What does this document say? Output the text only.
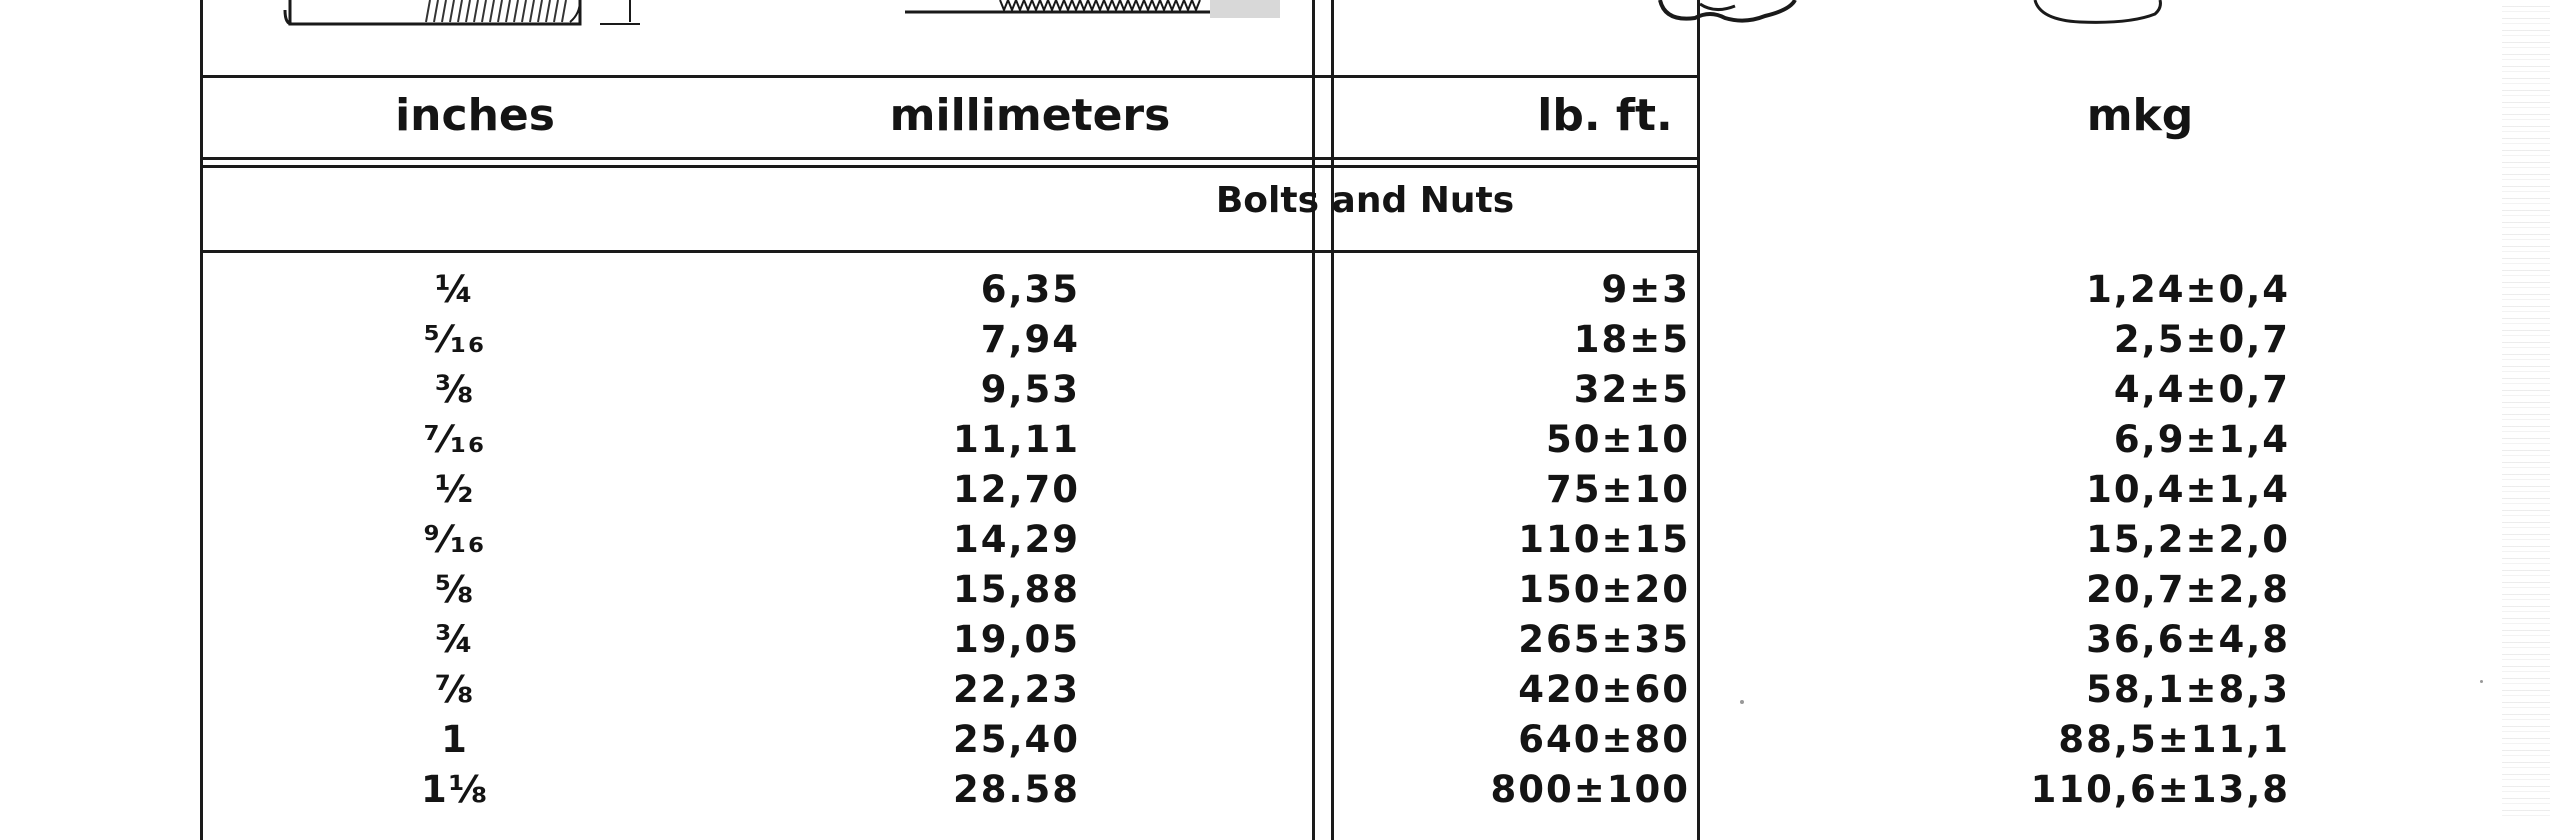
inches	millimeters	lb. ft.	mkg
Bolts and Nuts
¼	6,35	9±3	1,24±0,4
⁵⁄₁₆	7,94	18±5	2,5±0,7
⅜	9,53	32±5	4,4±0,7
⁷⁄₁₆	11,11	50±10	6,9±1,4
½	12,70	75±10	10,4±1,4
⁹⁄₁₆	14,29	110±15	15,2±2,0
⅝	15,88	150±20	20,7±2,8
¾	19,05	265±35	36,6±4,8
⅞	22,23	420±60	58,1±8,3
1	25,40	640±80	88,5±11,1
1⅛	28.58	800±100	110,6±13,8
